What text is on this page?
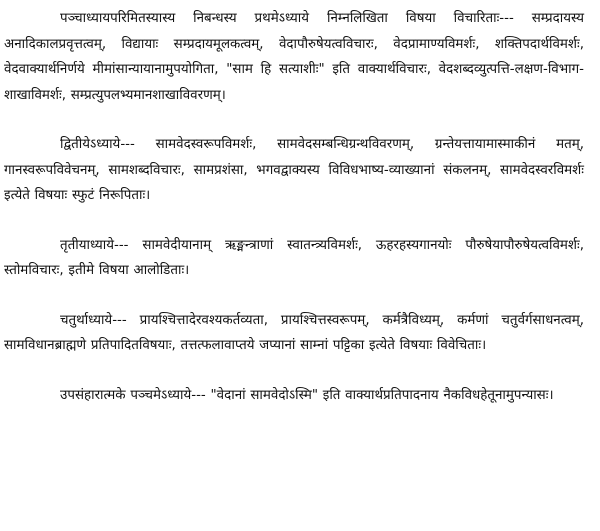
पञ्चाध्यायपरिमितस्यास्य निबन्धस्य प्रथमेऽध्याये निम्नलिखिता विषया विचारिताः--- सम्प्रदायस्य अनादिकालप्रवृत्तत्वम्, विद्यायाः सम्प्रदायमूलकत्वम्, वेदापौरुषेयत्वविचारः, वेदप्रामाण्यविमर्शः, शक्तिपदार्थविमर्शः, वेदवाक्यार्थनिर्णये मीमांसान्यायानामुपयोगिता, "साम हि सत्याशीः" इति वाक्यार्थविचारः, वेदशब्दव्युत्पत्ति-लक्षण-विभाग-शाखाविमर्शः, सम्प्रत्युपलभ्यमानशाखाविवरणम्।

द्वितीयेऽध्याये--- सामवेदस्वरूपविमर्शः, सामवेदसम्बन्धिग्रन्थविवरणम्, ग्रन्तेयत्तायामास्माकीनं मतम्, गानस्वरूपविवेचनम्, सामशब्दविचारः, सामप्रशंसा, भगवद्वाक्यस्य विविधभाष्य-व्याख्यानां संकलनम्, सामवेदस्वरविमर्शः इत्येते विषयाः स्फुटं निरूपिताः।

तृतीयाध्याये--- सामवेदीयानाम् ऋङ्मन्त्राणां स्वातन्त्र्यविमर्शः, ऊहरहस्यगानयोः पौरुषेयापौरुषेयत्वविमर्शः, स्तोमविचारः, इतीमे विषया आलोडिताः।

चतुर्थाध्याये--- प्रायश्चित्तादेरवश्यकर्तव्यता, प्रायश्चित्तस्वरूपम्, कर्मत्रैविध्यम्, कर्मणां चतुर्वर्गसाधनत्वम्, सामविधानब्राह्मणे प्रतिपादितविषयाः, तत्तत्फलावाप्तये जप्यानां साम्नां पट्टिका इत्येते विषयाः विवेचिताः।

उपसंहारात्मके पञ्चमेऽध्याये--- "वेदानां सामवेदोऽस्मि" इति वाक्यार्थप्रतिपादनाय नैकविधहेतूनामुपन्यासः।
